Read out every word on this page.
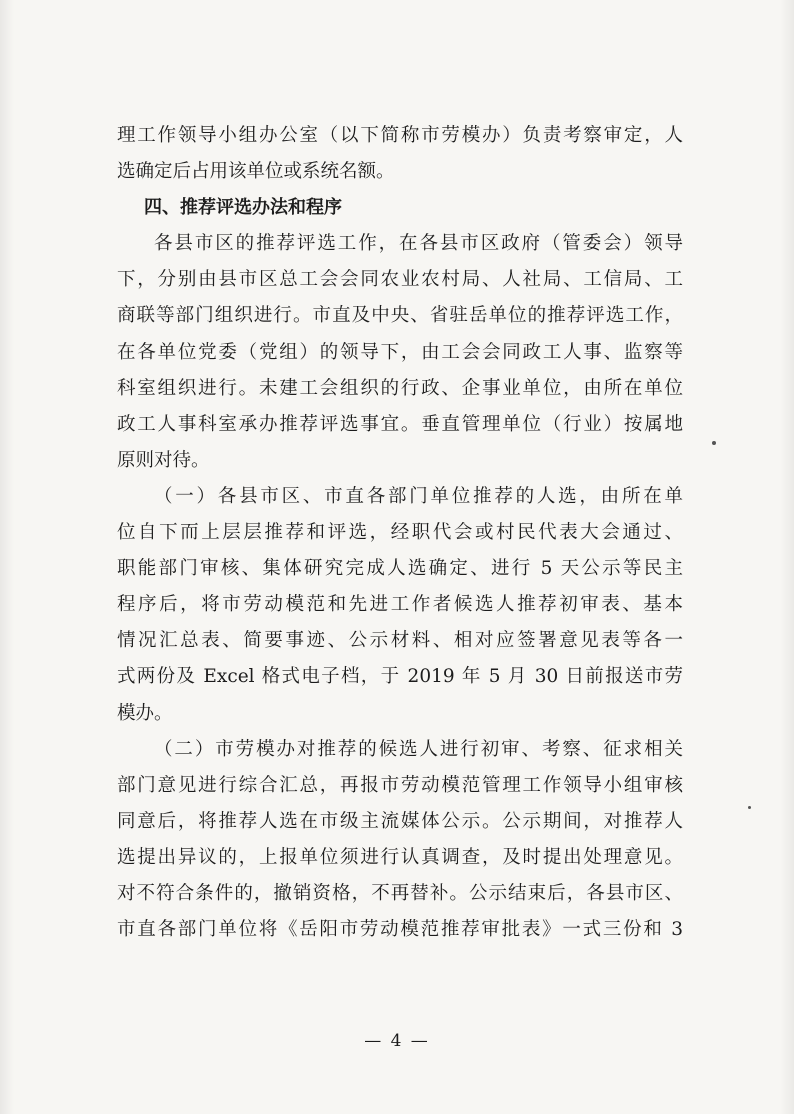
理工作领导小组办公室（以下简称市劳模办）负责考察审定，人
选确定后占用该单位或系统名额。
四、推荐评选办法和程序
各县市区的推荐评选工作，在各县市区政府（管委会）领导
下，分别由县市区总工会会同农业农村局、人社局、工信局、工
商联等部门组织进行。市直及中央、省驻岳单位的推荐评选工作，
在各单位党委（党组）的领导下，由工会会同政工人事、监察等
科室组织进行。未建工会组织的行政、企事业单位，由所在单位
政工人事科室承办推荐评选事宜。垂直管理单位（行业）按属地
原则对待。
（一）各县市区、市直各部门单位推荐的人选，由所在单
位自下而上层层推荐和评选，经职代会或村民代表大会通过、
职能部门审核、集体研究完成人选确定、进行 5 天公示等民主
程序后，将市劳动模范和先进工作者候选人推荐初审表、基本
情况汇总表、简要事迹、公示材料、相对应签署意见表等各一
式两份及 Excel 格式电子档，于 2019 年 5 月 30 日前报送市劳
模办。
（二）市劳模办对推荐的候选人进行初审、考察、征求相关
部门意见进行综合汇总，再报市劳动模范管理工作领导小组审核
同意后，将推荐人选在市级主流媒体公示。公示期间，对推荐人
选提出异议的，上报单位须进行认真调查，及时提出处理意见。
对不符合条件的，撤销资格，不再替补。公示结束后，各县市区、
市直各部门单位将《岳阳市劳动模范推荐审批表》一式三份和 3
— 4 —
